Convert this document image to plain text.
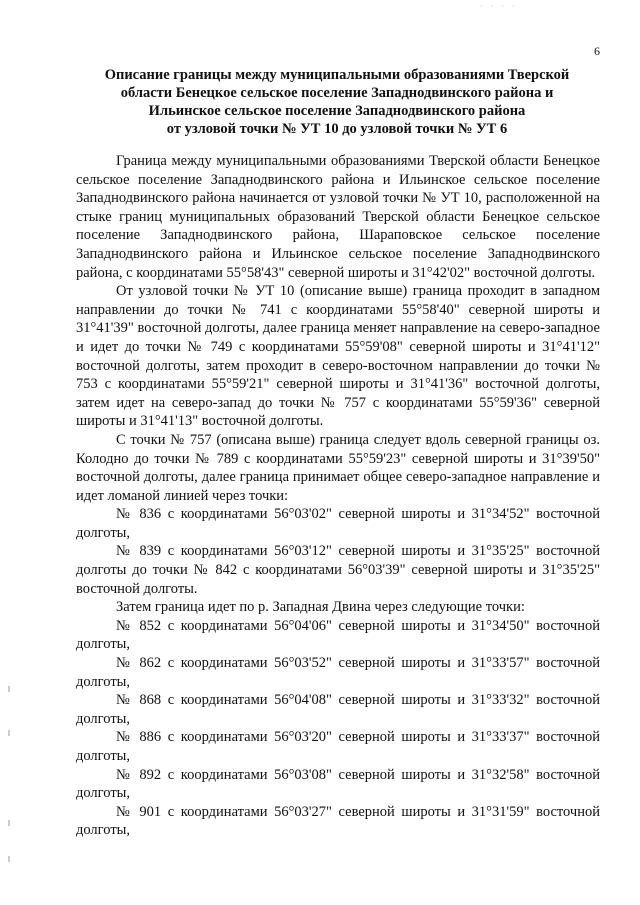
· · · ·
6
Описание границы между муниципальными образованиями Тверской
области Бенецкое сельское поселение Западнодвинского района и
Ильинское сельское поселение Западнодвинского района
от узловой точки № УТ 10 до узловой точки № УТ 6

Граница между муниципальными образованиями Тверской области Бенецкое сельское поселение Западнодвинского района и Ильинское сельское поселение Западнодвинского района начинается от узловой точки № УТ 10, расположенной на стыке границ муниципальных образований Тверской области Бенецкое сельское поселение Западнодвинского района, Шараповское сельское поселение Западнодвинского района и Ильинское сельское поселение Западнодвинского района, с координатами 55°58'43" северной широты и 31°42'02" восточной долготы.

От узловой точки № УТ 10 (описание выше) граница проходит в западном направлении до точки № 741 с координатами 55°58'40" северной широты и 31°41'39" восточной долготы, далее граница меняет направление на северо-западное и идет до точки № 749 с координатами 55°59'08" северной широты и 31°41'12" восточной долготы, затем проходит в северо-восточном направлении до точки № 753 с координатами 55°59'21" северной широты и 31°41'36" восточной долготы, затем идет на северо-запад до точки № 757 с координатами 55°59'36" северной широты и 31°41'13" восточной долготы.

С точки № 757 (описана выше) граница следует вдоль северной границы оз. Колодно до точки № 789 с координатами 55°59'23" северной широты и 31°39'50" восточной долготы, далее граница принимает общее северо-западное направление и идет ломаной линией через точки:

№ 836 с координатами 56°03'02" северной широты и 31°34'52" восточной долготы,

№ 839 с координатами 56°03'12" северной широты и 31°35'25" восточной долготы до точки № 842 с координатами 56°03'39" северной широты и 31°35'25" восточной долготы.

Затем граница идет по р. Западная Двина через следующие точки:

№ 852 с координатами 56°04'06" северной широты и 31°34'50" восточной долготы,

№ 862 с координатами 56°03'52" северной широты и 31°33'57" восточной долготы,

№ 868 с координатами 56°04'08" северной широты и 31°33'32" восточной долготы,

№ 886 с координатами 56°03'20" северной широты и 31°33'37" восточной долготы,

№ 892 с координатами 56°03'08" северной широты и 31°32'58" восточной долготы,

№ 901 с координатами 56°03'27" северной широты и 31°31'59" восточной долготы,
